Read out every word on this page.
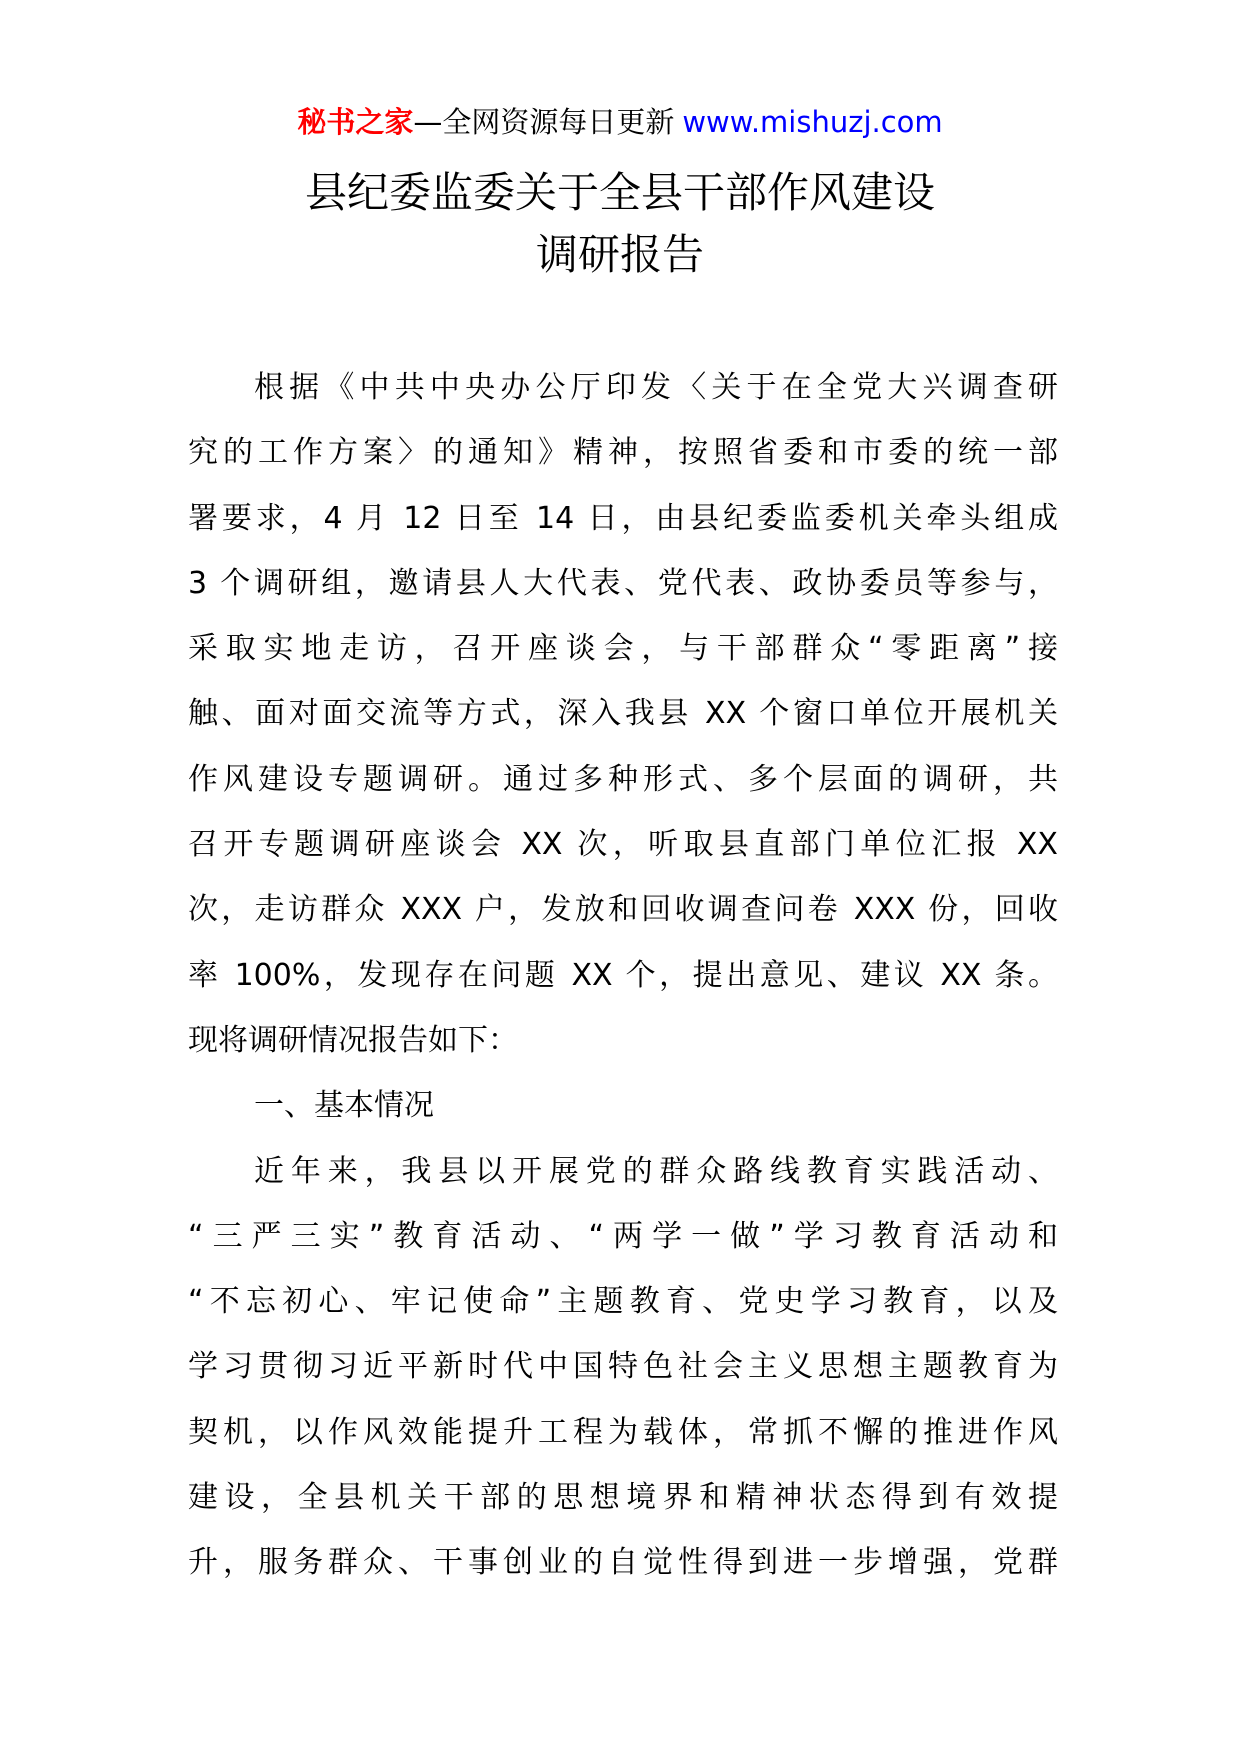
秘书之家—全网资源每日更新 www.mishuzj.com
县纪委监委关于全县干部作风建设
调研报告
根据《中共中央办公厅印发〈关于在全党大兴调查研
究的工作方案〉的通知》精神，按照省委和市委的统一部
署要求，4 月 12 日至 14 日，由县纪委监委机关牵头组成
3 个调研组，邀请县人大代表、党代表、政协委员等参与，
采取实地走访，召开座谈会，与干部群众“零距离”接
触、面对面交流等方式，深入我县 XX 个窗口单位开展机关
作风建设专题调研。通过多种形式、多个层面的调研，共
召开专题调研座谈会 XX 次，听取县直部门单位汇报 XX
次，走访群众 XXX 户，发放和回收调查问卷 XXX 份，回收
率 100%，发现存在问题 XX 个，提出意见、建议 XX 条。
现将调研情况报告如下：
一、基本情况
近年来，我县以开展党的群众路线教育实践活动、
“三严三实”教育活动、“两学一做”学习教育活动和
“不忘初心、牢记使命”主题教育、党史学习教育，以及
学习贯彻习近平新时代中国特色社会主义思想主题教育为
契机，以作风效能提升工程为载体，常抓不懈的推进作风
建设，全县机关干部的思想境界和精神状态得到有效提
升，服务群众、干事创业的自觉性得到进一步增强，党群
